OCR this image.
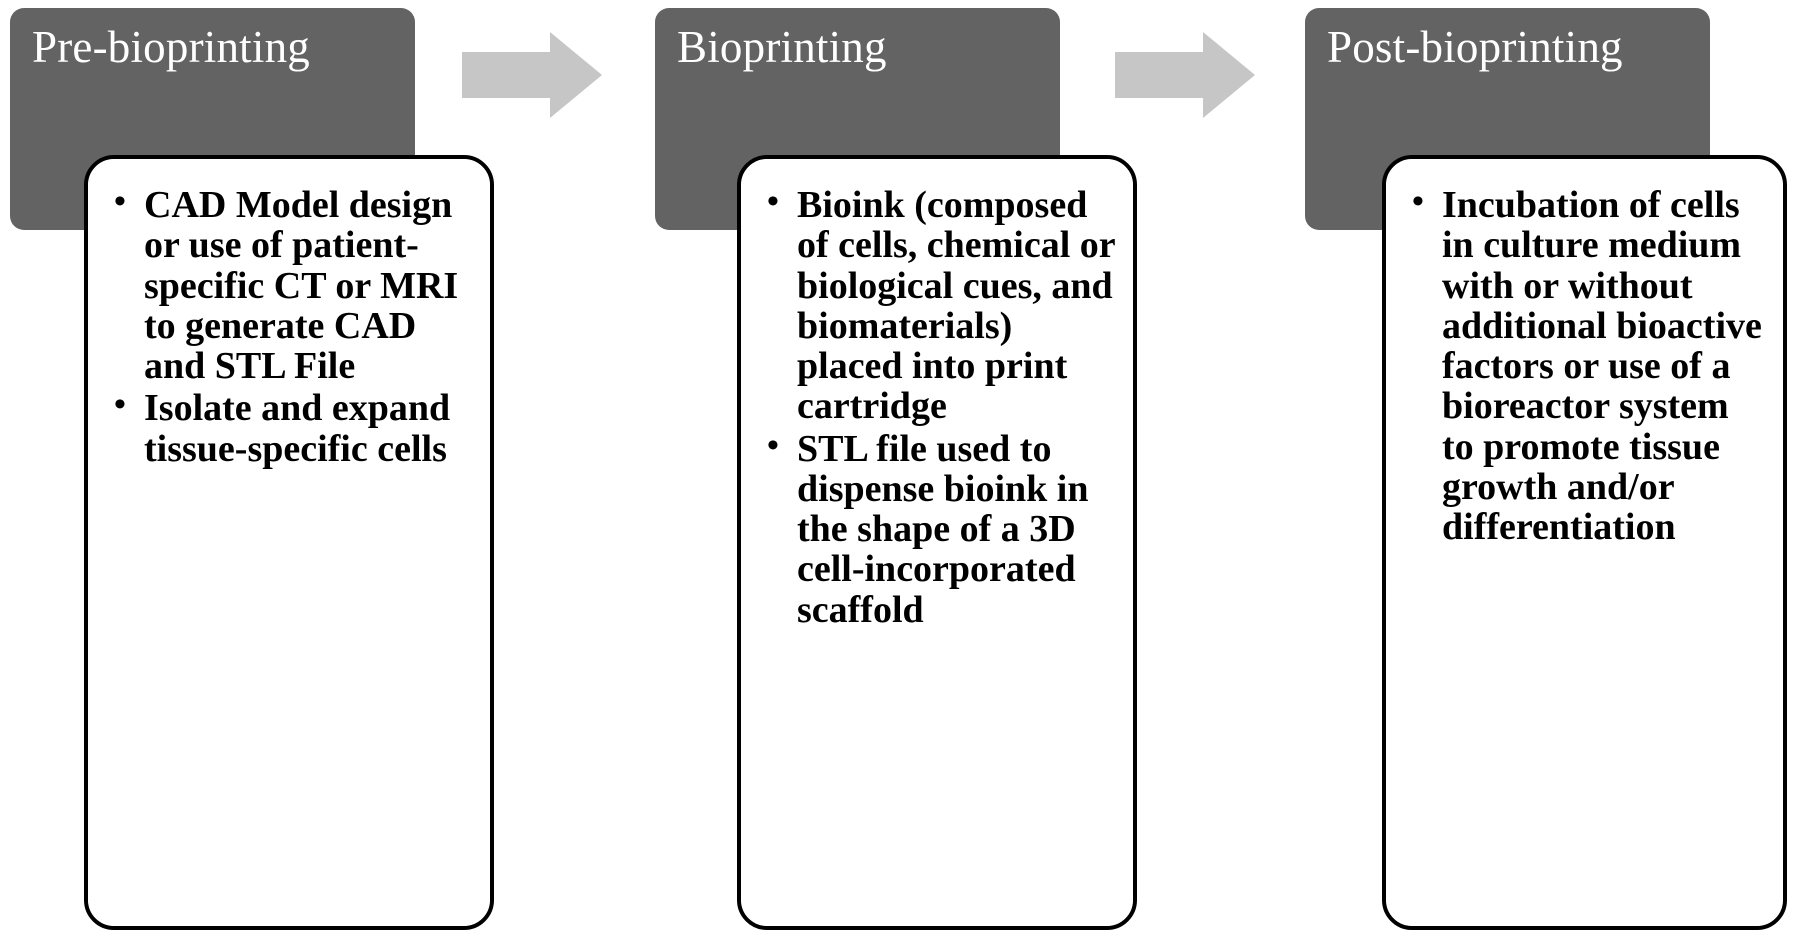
Pre-bioprinting
• CAD Model design or use of patient-specific CT or MRI to generate CAD and STL File
• Isolate and expand tissue-specific cells
Bioprinting
• Bioink (composed of cells, chemical or biological cues, and biomaterials) placed into print cartridge
• STL file used to dispense bioink in the shape of a 3D cell-incorporated scaffold
Post-bioprinting
• Incubation of cells in culture medium with or without additional bioactive factors or use of a bioreactor system to promote tissue growth and/or differentiation
